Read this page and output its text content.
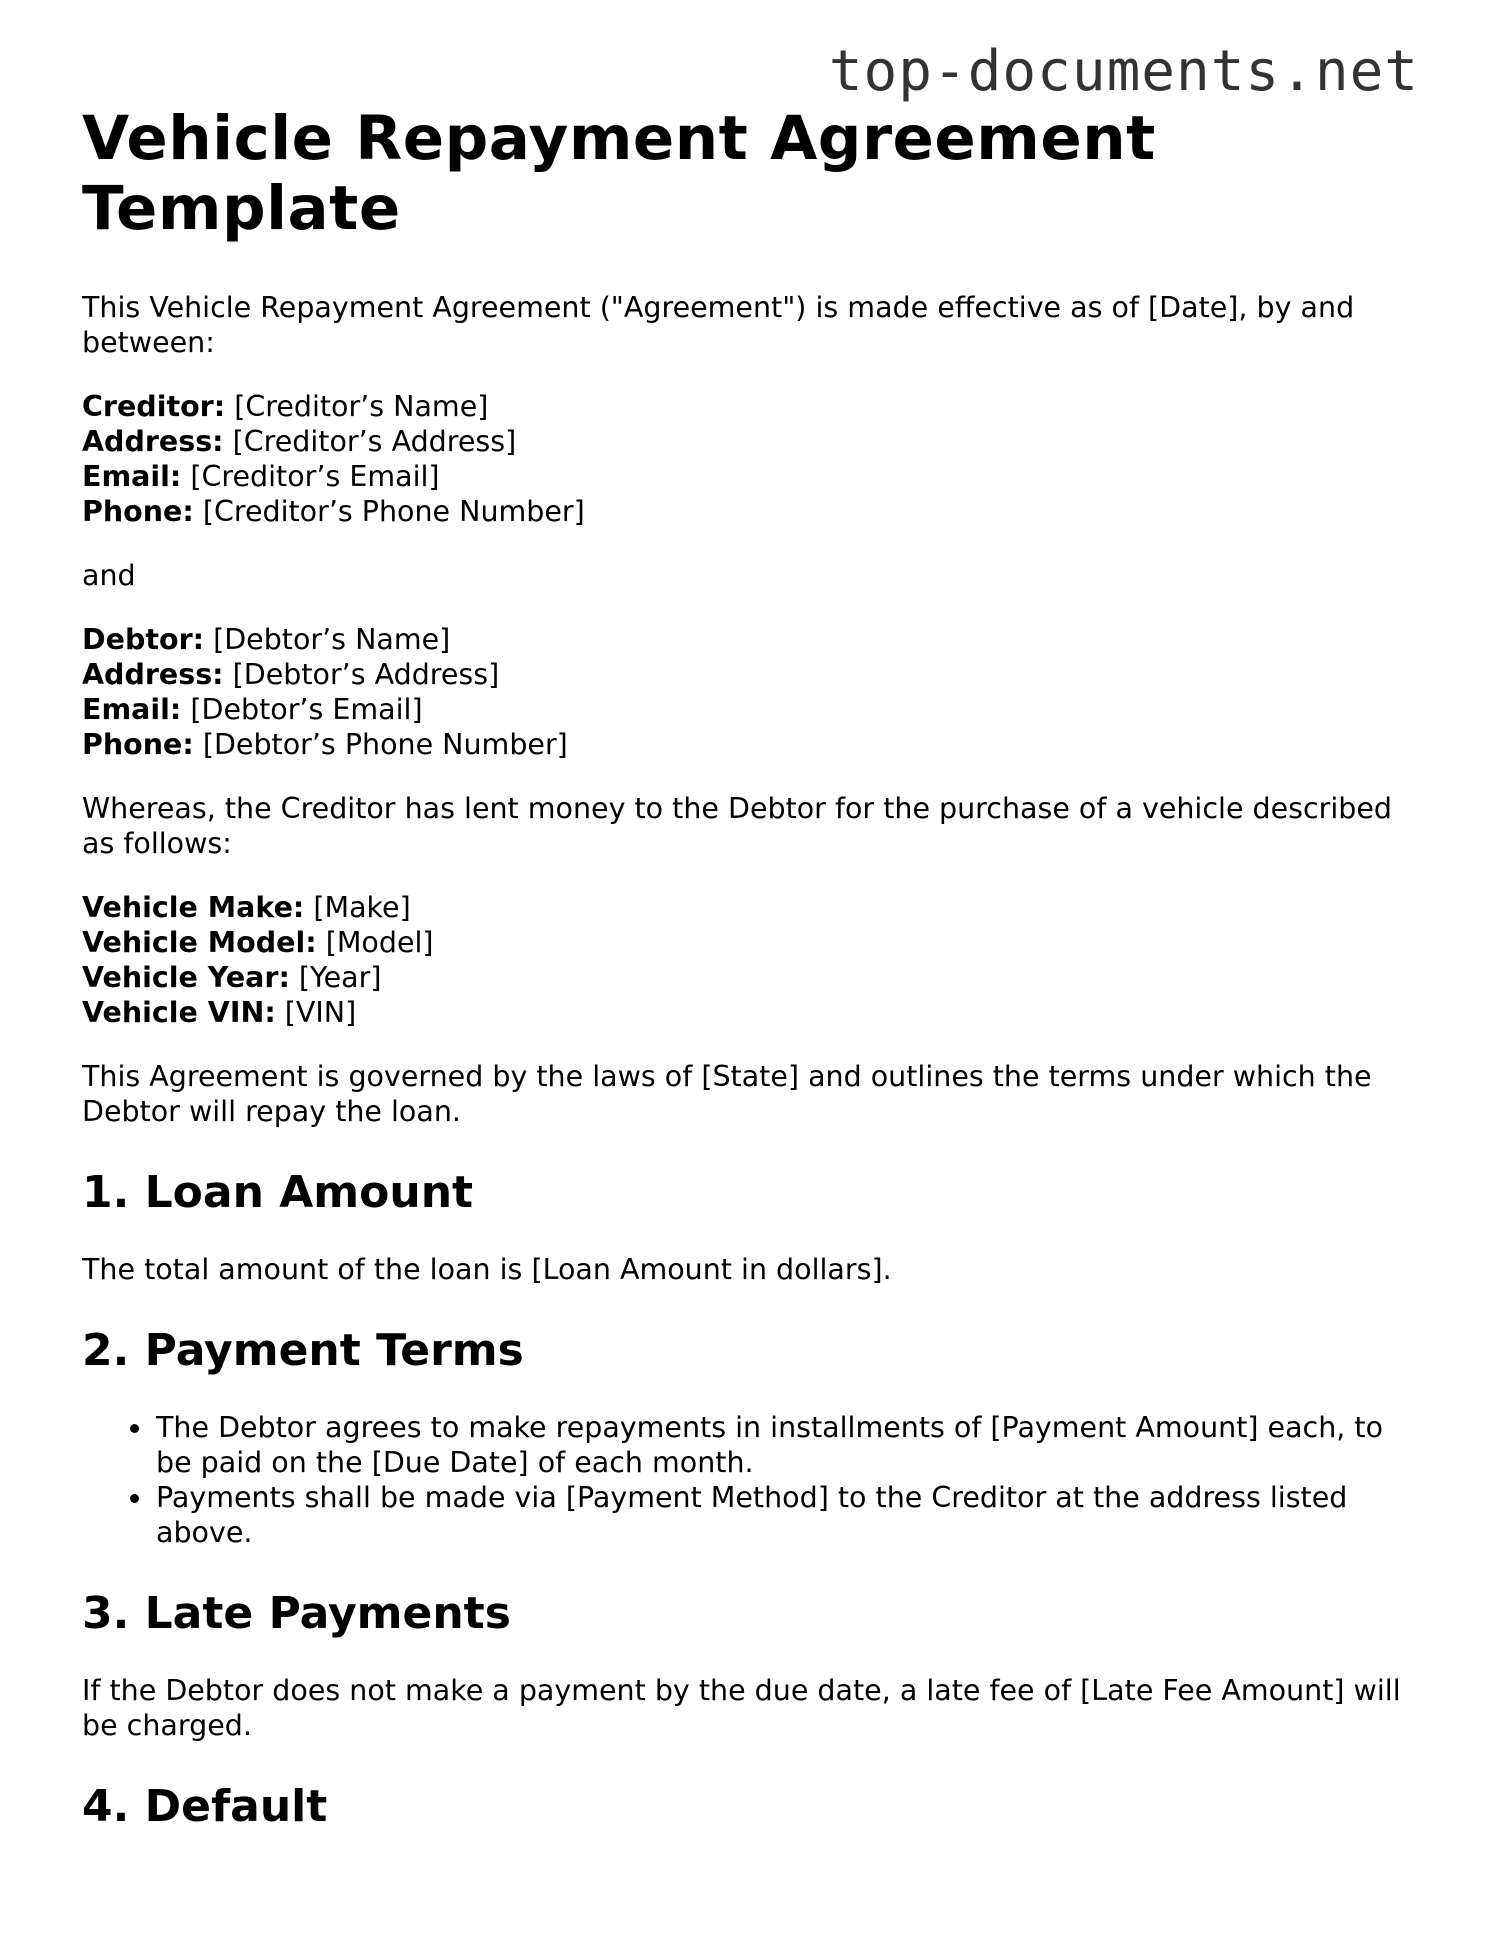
top-documents.net
Vehicle Repayment Agreement Template

This Vehicle Repayment Agreement ("Agreement") is made effective as of [Date], by and between:

Creditor: [Creditor’s Name]
Address: [Creditor’s Address]
Email: [Creditor’s Email]
Phone: [Creditor’s Phone Number]

and

Debtor: [Debtor’s Name]
Address: [Debtor’s Address]
Email: [Debtor’s Email]
Phone: [Debtor’s Phone Number]

Whereas, the Creditor has lent money to the Debtor for the purchase of a vehicle described as follows:

Vehicle Make: [Make]
Vehicle Model: [Model]
Vehicle Year: [Year]
Vehicle VIN: [VIN]

This Agreement is governed by the laws of [State] and outlines the terms under which the Debtor will repay the loan.

1. Loan Amount

The total amount of the loan is [Loan Amount in dollars].

2. Payment Terms
• The Debtor agrees to make repayments in installments of [Payment Amount] each, to be paid on the [Due Date] of each month.
• Payments shall be made via [Payment Method] to the Creditor at the address listed above.
3. Late Payments

If the Debtor does not make a payment by the due date, a late fee of [Late Fee Amount] will be charged.

4. Default
